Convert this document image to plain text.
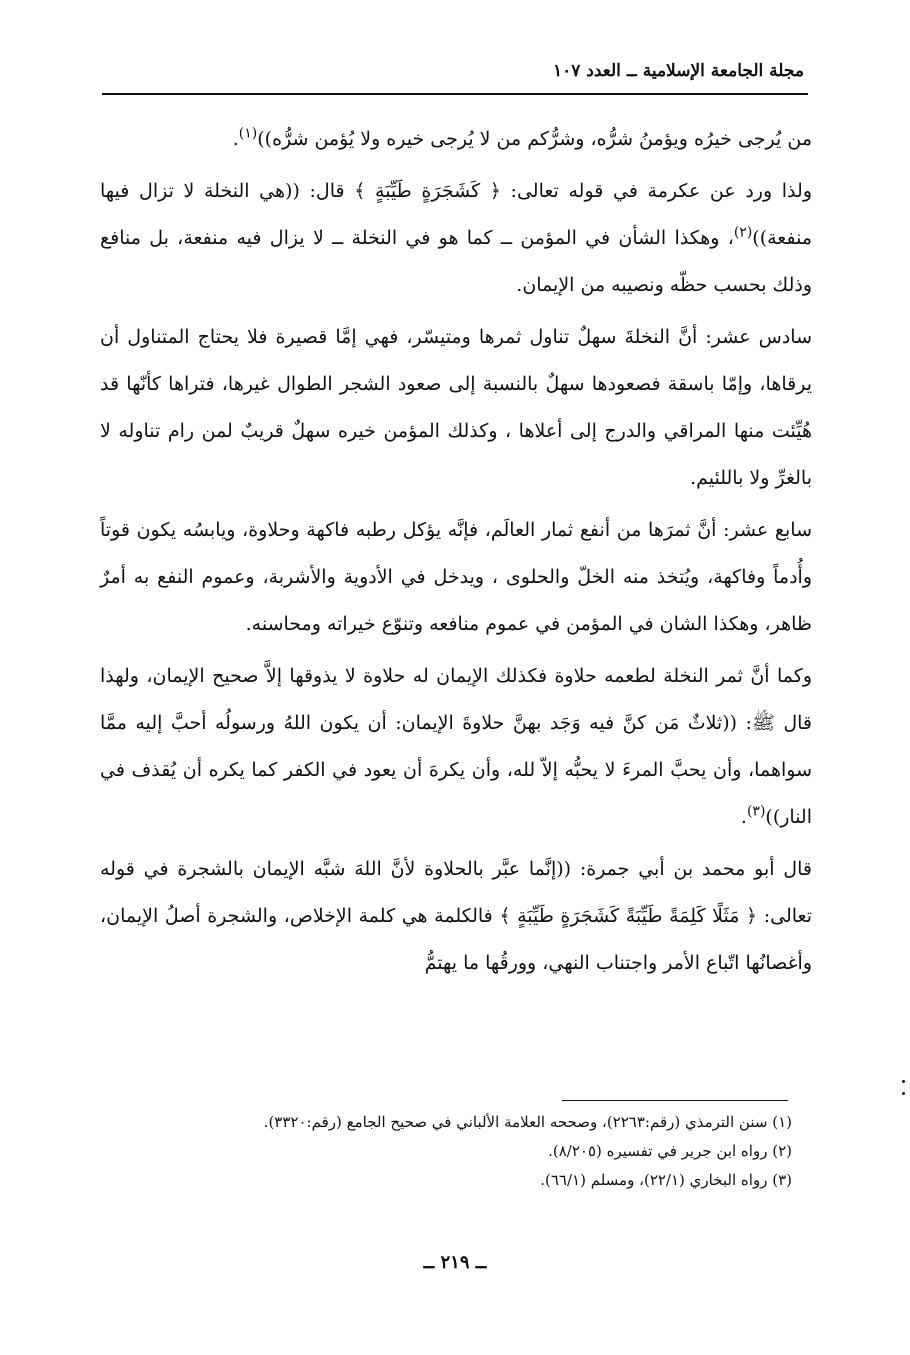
مجلة الجامعة الإسلامية ــ العدد ١٠٧

من يُرجى خيرُه ويؤمنُ شرُّه، وشرُّكم من لا يُرجى خيره ولا يُؤمن شرُّه))$^{(١)}$.

ولذا ورد عن عكرمة في قوله تعالى: ﴿ كَشَجَرَةٍ طَيِّبَةٍ ﴾ قال: ((هي النخلة لا تزال فيها منفعة))$^{(٢)}$، وهكذا الشأن في المؤمن ــ كما هو في النخلة ــ لا يزال فيه منفعة، بل منافع وذلك بحسب حظّه ونصيبه من الإيمان.

سادس عشر: أنَّ النخلةَ سهلٌ تناول ثمرها ومتيسّر، فهي إمَّا قصيرة فلا يحتاج المتناول أن يرقاها، وإمّا باسقة فصعودها سهلٌ بالنسبة إلى صعود الشجر الطوال غيرها، فتراها كأنّها قد هُيِّئت منها المراقي والدرج إلى أعلاها ، وكذلك المؤمن خيره سهلٌ قريبٌ لمن رام تناوله لا بالغرِّ ولا باللئيم.

سابع عشر: أنَّ ثمرَها من أنفع ثمار العالَم، فإنَّه يؤكل رطبه فاكهة وحلاوة، ويابسُه يكون قوتاً وأُدماً وفاكهة، ويُتخذ منه الخلّ والحلوى ، ويدخل في الأدوية والأشربة، وعموم النفع به أمرٌ ظاهر، وهكذا الشان في المؤمن في عموم منافعه وتنوّع خيراته ومحاسنه.

وكما أنَّ ثمر النخلة لطعمه حلاوة فكذلك الإيمان له حلاوة لا يذوقها إلاَّ صحيح الإيمان، ولهذا قال ﷺ: ((ثلاثٌ مَن كنَّ فيه وَجَد بهنَّ حلاوةَ الإيمان: أن يكون اللهُ ورسولُه أحبَّ إليه ممَّا سواهما، وأن يحبَّ المرءَ لا يحبُّه إلاّ لله، وأن يكرهَ أن يعود في الكفر كما يكره أن يُقذف في النار))$^{(٣)}$.

قال أبو محمد بن أبي جمرة: ((إنَّما عبَّر بالحلاوة لأنَّ اللهَ شبَّه الإيمان بالشجرة في قوله تعالى: ﴿ مَثَلًا كَلِمَةً طَيِّبَةً كَشَجَرَةٍ طَيِّبَةٍ ﴾ فالكلمة هي كلمة الإخلاص، والشجرة أصلُ الإيمان، وأغصانُها اتّباع الأمر واجتناب النهي، وورقُها ما يهتمُّ

(١) سنن الترمذي (رقم:٢٢٦٣)، وصححه العلامة الألباني في صحيح الجامع (رقم:٣٣٢٠).

(٢) رواه ابن جرير في تفسيره (٨/٢٠٥).

(٣) رواه البخاري (٢٢/١)، ومسلم (٦٦/١).

ــ ٢١٩ ــ
